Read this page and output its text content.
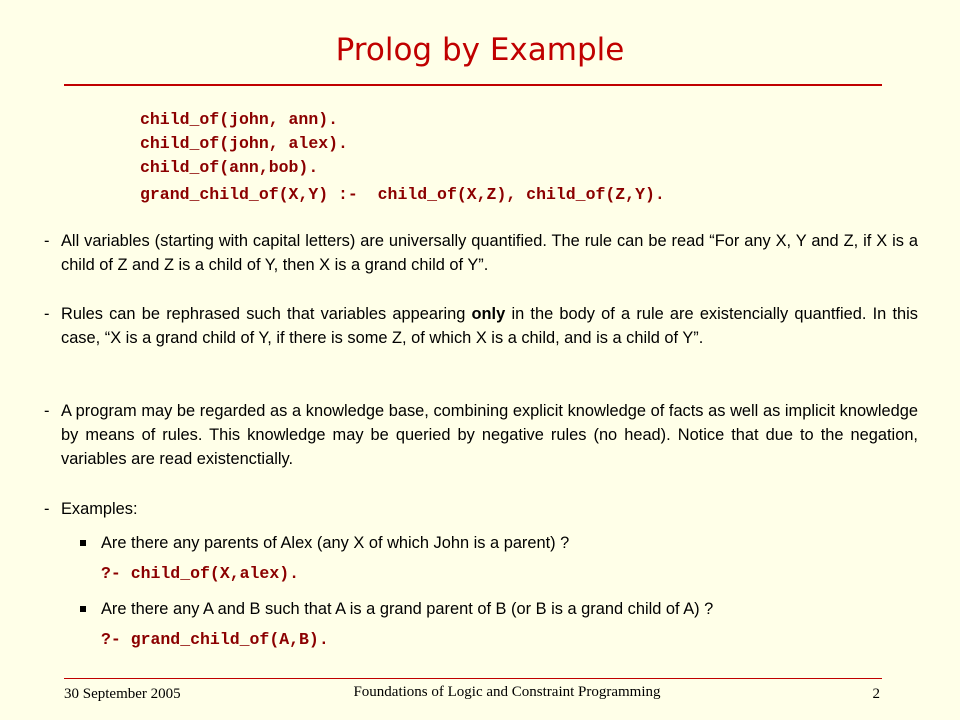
Prolog by Example
child_of(john, ann).
child_of(john, alex).
child_of(ann,bob).
grand_child_of(X,Y) :-  child_of(X,Z), child_of(Z,Y).
- All variables (starting with capital letters) are universally quantified. The rule can be read “For any X, Y and Z, if X is a child of Z and Z is a child of Y, then X is a grand child of Y”.
- Rules can be rephrased such that variables appearing only in the body of a rule are existencially quantfied. In this case, “X is a grand child of Y, if there is some Z, of which X is a child, and is a child of Y”.
- A program may be regarded as a knowledge base, combining explicit knowledge of facts as well as implicit knowledge by means of rules. This knowledge may be queried by negative rules (no head). Notice that due to the negation, variables are read existenctially.
- Examples:
Are there any parents of Alex (any X of which John is a parent) ?
?- child_of(X,alex).
Are there any A and B such that A is a grand parent of B (or B is a grand child of A) ?
?- grand_child_of(A,B).
30 September 2005	Foundations of Logic and Constraint Programming	2
